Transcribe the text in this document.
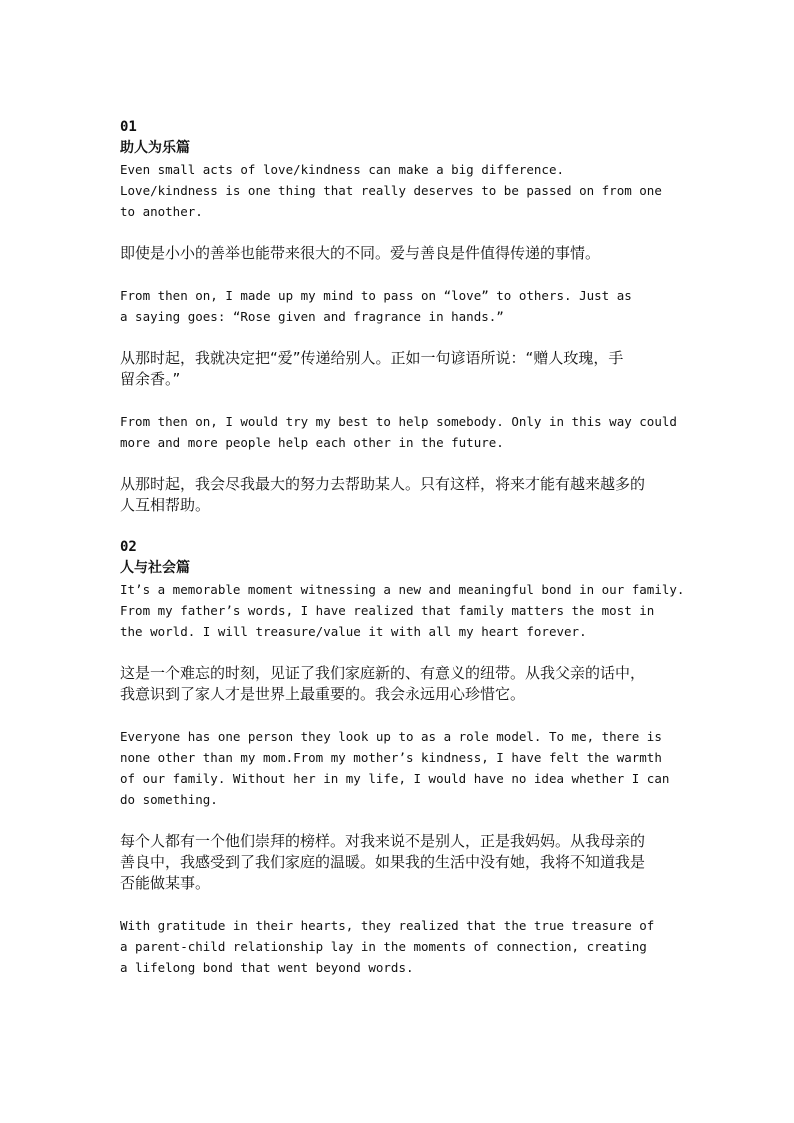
01

助人为乐篇

Even small acts of love/kindness can make a big difference.
Love/kindness is one thing that really deserves to be passed on from one
to another.

即使是小小的善举也能带来很大的不同。爱与善良是件值得传递的事情。

From then on, I made up my mind to pass on “love” to others. Just as
a saying goes: “Rose given and fragrance in hands.”

从那时起，我就决定把“爱”传递给别人。正如一句谚语所说：“赠人玫瑰，手
留余香。”

From then on, I would try my best to help somebody. Only in this way could
more and more people help each other in the future.

从那时起，我会尽我最大的努力去帮助某人。只有这样，将来才能有越来越多的
人互相帮助。

02

人与社会篇

It’s a memorable moment witnessing a new and meaningful bond in our family.
From my father’s words, I have realized that family matters the most in
the world. I will treasure/value it with all my heart forever.

这是一个难忘的时刻，见证了我们家庭新的、有意义的纽带。从我父亲的话中，
我意识到了家人才是世界上最重要的。我会永远用心珍惜它。

Everyone has one person they look up to as a role model. To me, there is
none other than my mom.From my mother’s kindness, I have felt the warmth
of our family. Without her in my life, I would have no idea whether I can
do something.

每个人都有一个他们崇拜的榜样。对我来说不是别人，正是我妈妈。从我母亲的
善良中，我感受到了我们家庭的温暖。如果我的生活中没有她，我将不知道我是
否能做某事。

With gratitude in their hearts, they realized that the true treasure of
a parent-child relationship lay in the moments of connection, creating
a lifelong bond that went beyond words.
